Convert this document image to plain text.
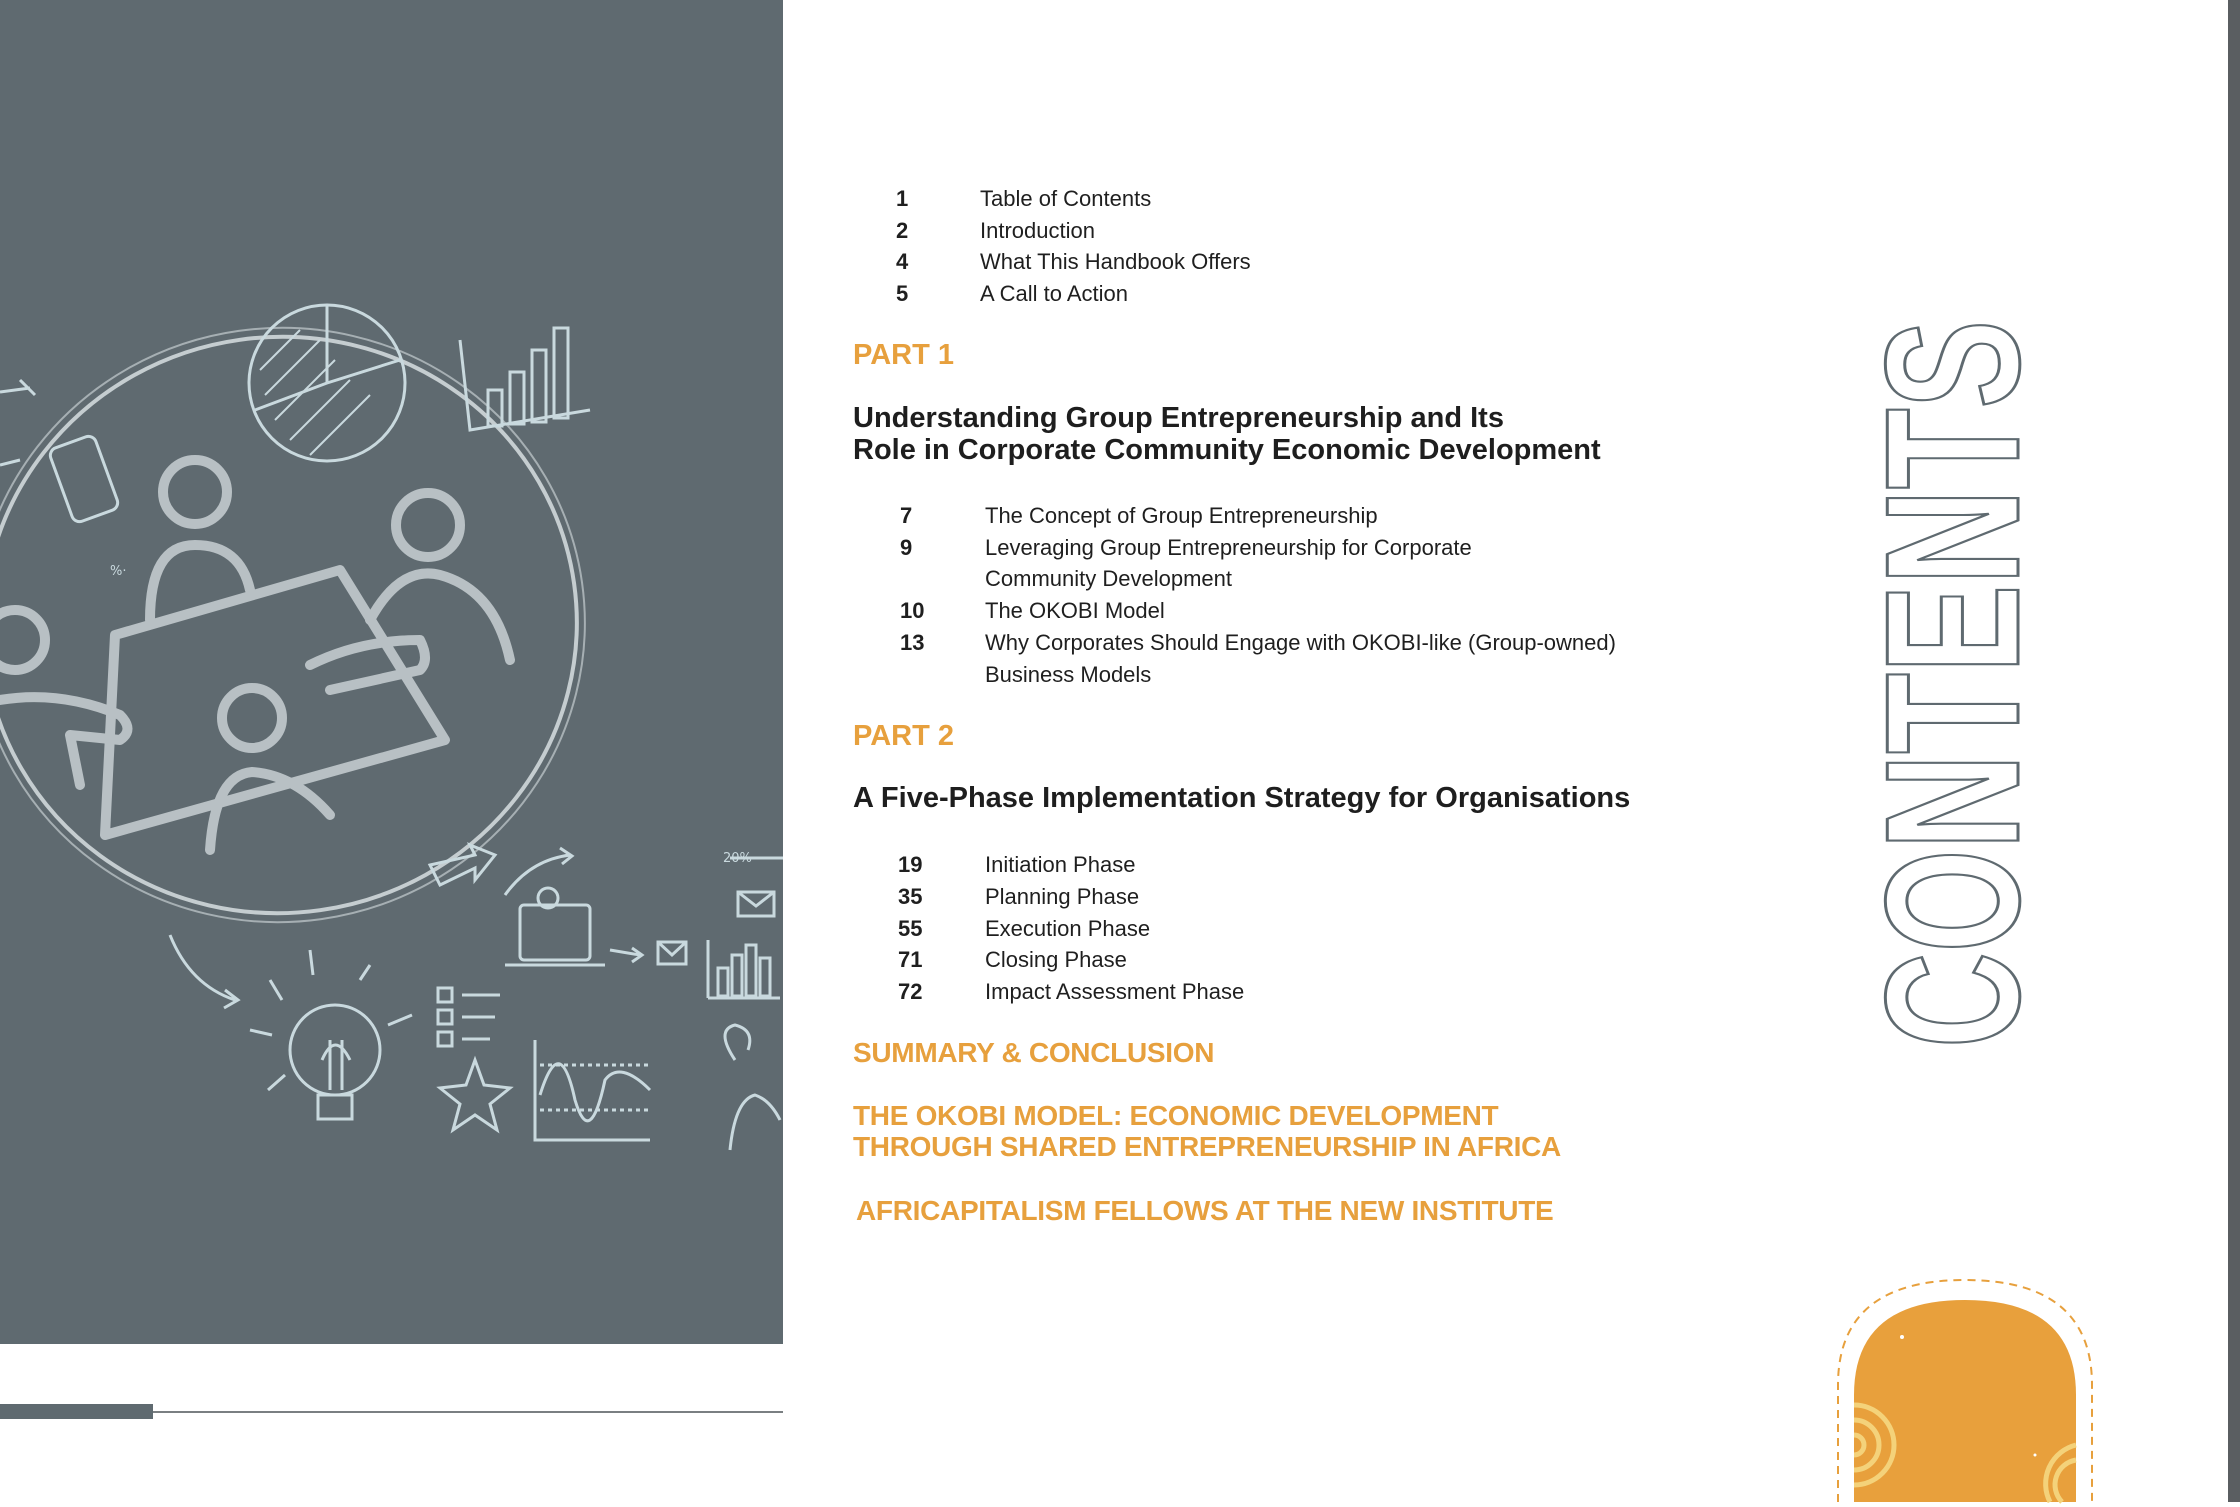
%·
20%
1	Table of Contents
2	Introduction
4	What This Handbook Offers
5	A Call to Action
PART 1
Understanding Group Entrepreneurship and Its
Role in Corporate Community Economic Development
7	The Concept of Group Entrepreneurship
9	Leveraging Group Entrepreneurship for Corporate
Community Development
10	The OKOBI Model
13	Why Corporates Should Engage with OKOBI-like (Group-owned)
Business Models
PART 2
A Five-Phase Implementation Strategy for Organisations
19	Initiation Phase
35	Planning Phase
55	Execution Phase
71	Closing Phase
72	Impact Assessment Phase
SUMMARY & CONCLUSION
THE OKOBI MODEL: ECONOMIC DEVELOPMENT
THROUGH SHARED ENTREPRENEURSHIP IN AFRICA
AFRICAPITALISM FELLOWS AT THE NEW INSTITUTE
CONTENTS
